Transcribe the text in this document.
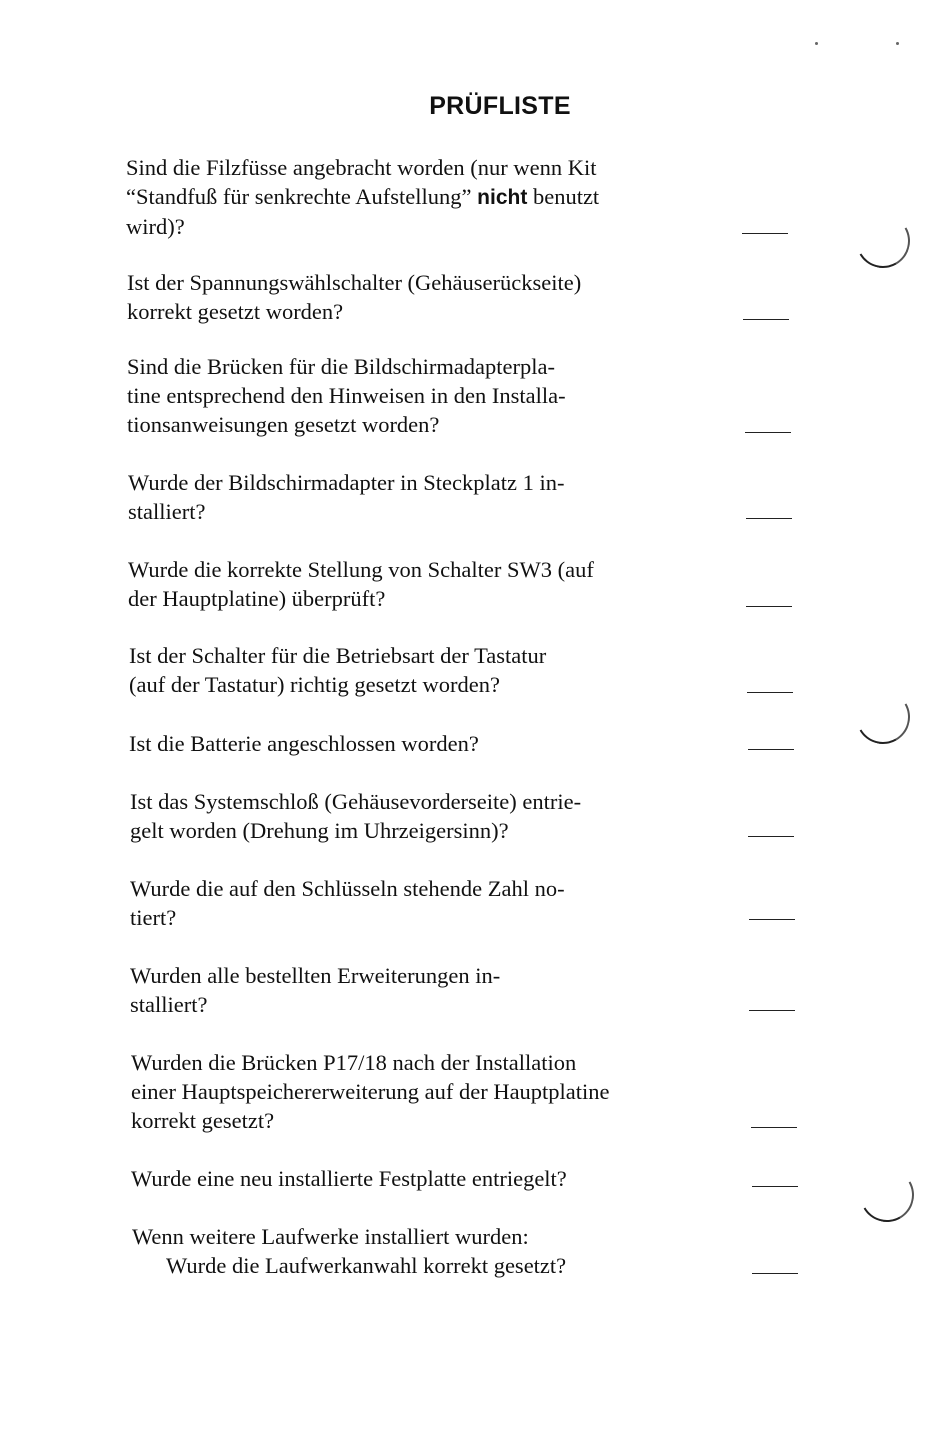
PRÜFLISTE
Sind die Filzfüsse angebracht worden (nur wenn Kit
“Standfuß für senkrechte Aufstellung” nicht benutzt
wird)?
Ist der Spannungswählschalter (Gehäuserückseite)
korrekt gesetzt worden?
Sind die Brücken für die Bildschirmadapterpla-
tine entsprechend den Hinweisen in den Installa-
tionsanweisungen gesetzt worden?
Wurde der Bildschirmadapter in Steckplatz 1 in-
stalliert?
Wurde die korrekte Stellung von Schalter SW3 (auf
der Hauptplatine) überprüft?
Ist der Schalter für die Betriebsart der Tastatur
(auf der Tastatur) richtig gesetzt worden?
Ist die Batterie angeschlossen worden?
Ist das Systemschloß (Gehäusevorderseite) entrie-
gelt worden (Drehung im Uhrzeigersinn)?
Wurde die auf den Schlüsseln stehende Zahl no-
tiert?
Wurden alle bestellten Erweiterungen in-
stalliert?
Wurden die Brücken P17/18 nach der Installation
einer Hauptspeichererweiterung auf der Hauptplatine
korrekt gesetzt?
Wurde eine neu installierte Festplatte entriegelt?
Wenn weitere Laufwerke installiert wurden:
Wurde die Laufwerkanwahl korrekt gesetzt?
